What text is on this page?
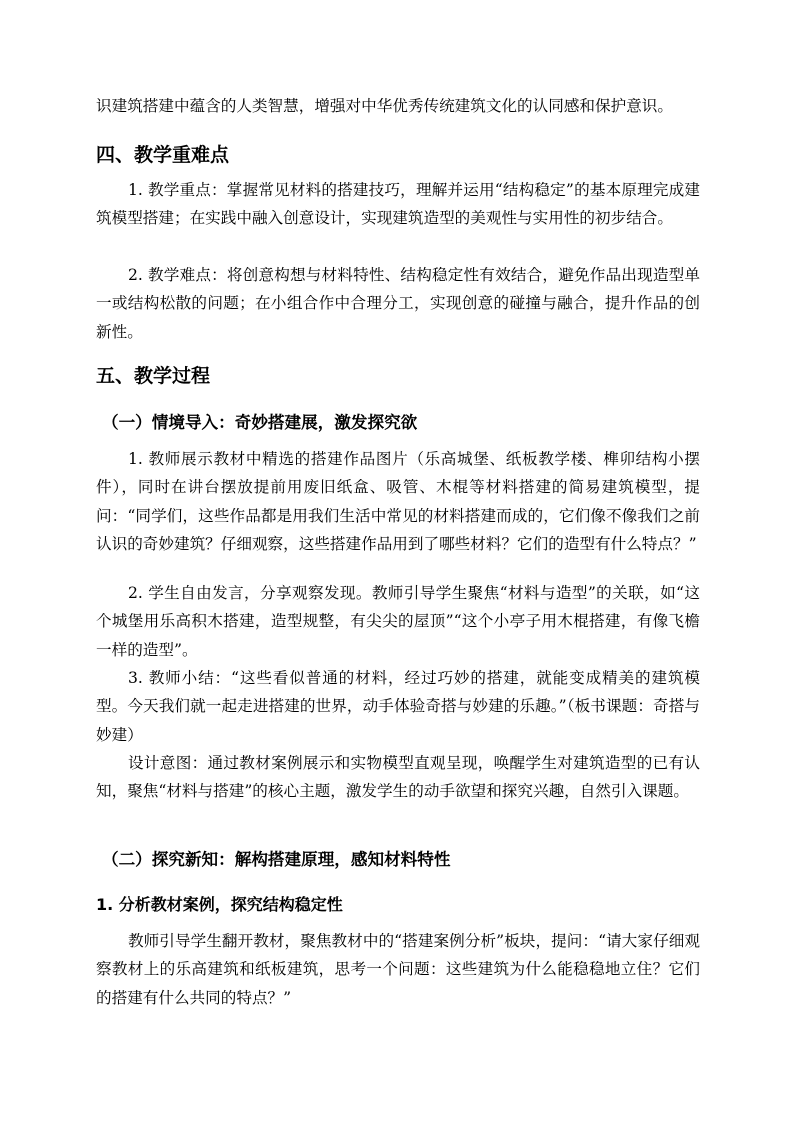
识建筑搭建中蕴含的人类智慧，增强对中华优秀传统建筑文化的认同感和保护意识。

四、教学重难点

1. 教学重点：掌握常见材料的搭建技巧，理解并运用“结构稳定”的基本原理完成建筑模型搭建；在实践中融入创意设计，实现建筑造型的美观性与实用性的初步结合。

2. 教学难点：将创意构想与材料特性、结构稳定性有效结合，避免作品出现造型单一或结构松散的问题；在小组合作中合理分工，实现创意的碰撞与融合，提升作品的创新性。

五、教学过程
（一）情境导入：奇妙搭建展，激发探究欲

1. 教师展示教材中精选的搭建作品图片（乐高城堡、纸板教学楼、榫卯结构小摆件），同时在讲台摆放提前用废旧纸盒、吸管、木棍等材料搭建的简易建筑模型，提问：“同学们，这些作品都是用我们生活中常见的材料搭建而成的，它们像不像我们之前认识的奇妙建筑？仔细观察，这些搭建作品用到了哪些材料？它们的造型有什么特点？”

2. 学生自由发言，分享观察发现。教师引导学生聚焦“材料与造型”的关联，如“这个城堡用乐高积木搭建，造型规整，有尖尖的屋顶”“这个小亭子用木棍搭建，有像飞檐一样的造型”。

3. 教师小结：“这些看似普通的材料，经过巧妙的搭建，就能变成精美的建筑模型。今天我们就一起走进搭建的世界，动手体验奇搭与妙建的乐趣。”（板书课题：奇搭与妙建）

设计意图：通过教材案例展示和实物模型直观呈现，唤醒学生对建筑造型的已有认知，聚焦“材料与搭建”的核心主题，激发学生的动手欲望和探究兴趣，自然引入课题。

（二）探究新知：解构搭建原理，感知材料特性
1. 分析教材案例，探究结构稳定性

教师引导学生翻开教材，聚焦教材中的“搭建案例分析”板块，提问：“请大家仔细观察教材上的乐高建筑和纸板建筑，思考一个问题：这些建筑为什么能稳稳地立住？它们的搭建有什么共同的特点？”
